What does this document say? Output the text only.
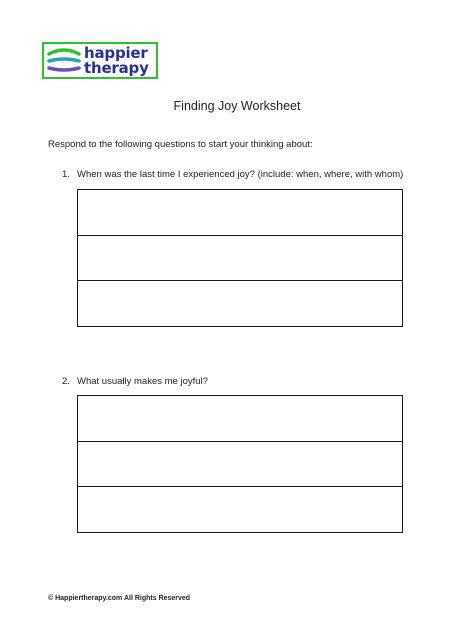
happier
therapy
Finding Joy Worksheet
Respond to the following questions to start your thinking about:
1. When was the last time I experienced joy? (include: when, where, with whom)
2. What usually makes me joyful?
© Happiertherapy.com All Rights Reserved
